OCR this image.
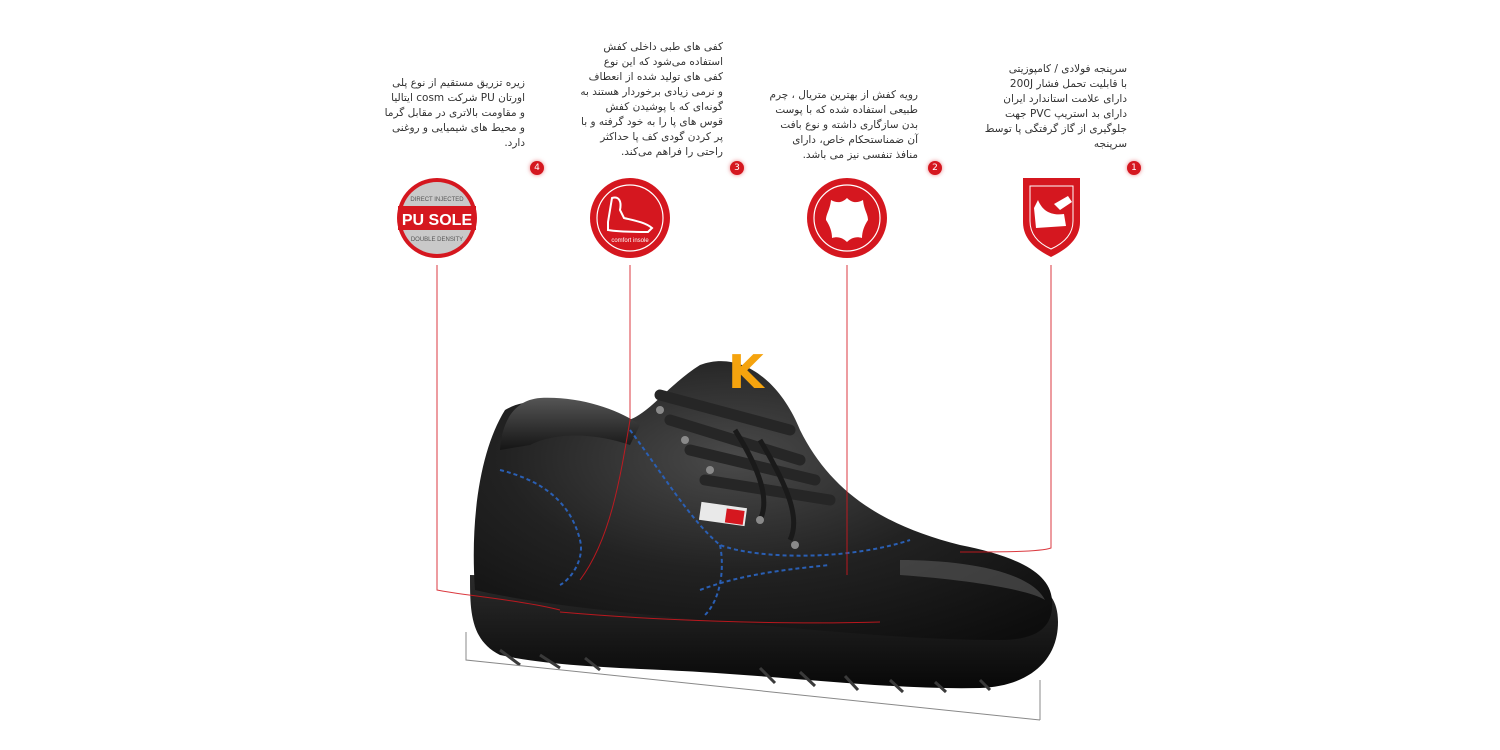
PU SOLE
DIRECT INJECTED
DOUBLE DENSITY	comfort insole
سرپنجه فولادی / کامپوزیتی
با قابلیت تحمل فشار 200J
دارای علامت استاندارد ایران
دارای بد استریپ PVC جهت
جلوگیری از گاز گرفتگی پا توسط
سرپنجه
رویه کفش از بهترین متریال ، چرم
طبیعی استفاده شده که با پوست
بدن سازگاری داشته و نوع بافت
آن ضمناستحکام خاص، دارای
منافذ تنفسی نیز می باشد.
کفی های طبی داخلی کفش
استفاده می‌شود که این نوع
کفی های تولید شده از انعطاف
و نرمی زیادی برخوردار هستند به
گونه‌ای که با پوشیدن کفش
قوس های پا را به خود گرفته و با
پر کردن گودی کف پا حداکثر
راحتی را فراهم می‌کند.
زیره تزریق مستقیم از نوع پلی
اورتان PU شرکت cosm ایتالیا
و مقاومت بالاتری در مقابل گرما
و محیط های شیمیایی و روغنی
دارد.
1
2
3
4
K
